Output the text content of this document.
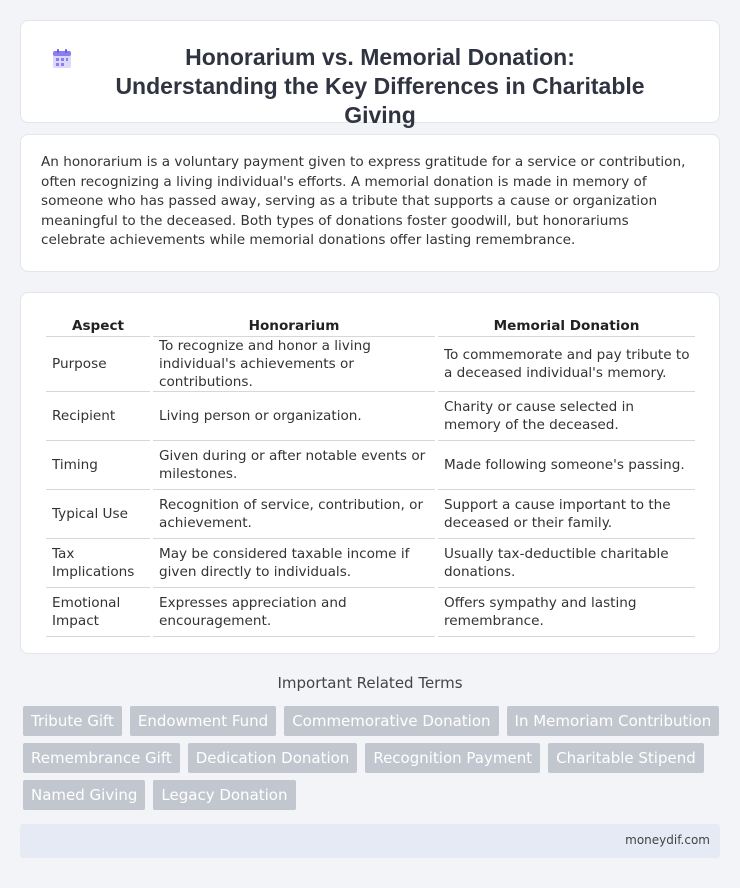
Honorarium vs. Memorial Donation: Understanding the Key Differences in Charitable Giving

An honorarium is a voluntary payment given to express gratitude for a service or contribution, often recognizing a living individual's efforts. A memorial donation is made in memory of someone who has passed away, serving as a tribute that supports a cause or organization meaningful to the deceased. Both types of donations foster goodwill, but honorariums celebrate achievements while memorial donations offer lasting remembrance.

Aspect	Honorarium	Memorial Donation
Purpose	To recognize and honor a living individual's achievements or contributions.	To commemorate and pay tribute to a deceased individual's memory.
Recipient	Living person or organization.	Charity or cause selected in memory of the deceased.
Timing	Given during or after notable events or milestones.	Made following someone's passing.
Typical Use	Recognition of service, contribution, or achievement.	Support a cause important to the deceased or their family.
Tax Implications	May be considered taxable income if given directly to individuals.	Usually tax-deductible charitable donations.
Emotional Impact	Expresses appreciation and encouragement.	Offers sympathy and lasting remembrance.
Important Related Terms
Tribute Gift	Endowment Fund	Commemorative Donation	In Memoriam Contribution
Remembrance Gift	Dedication Donation	Recognition Payment	Charitable Stipend
Named Giving	Legacy Donation
moneydif.com
